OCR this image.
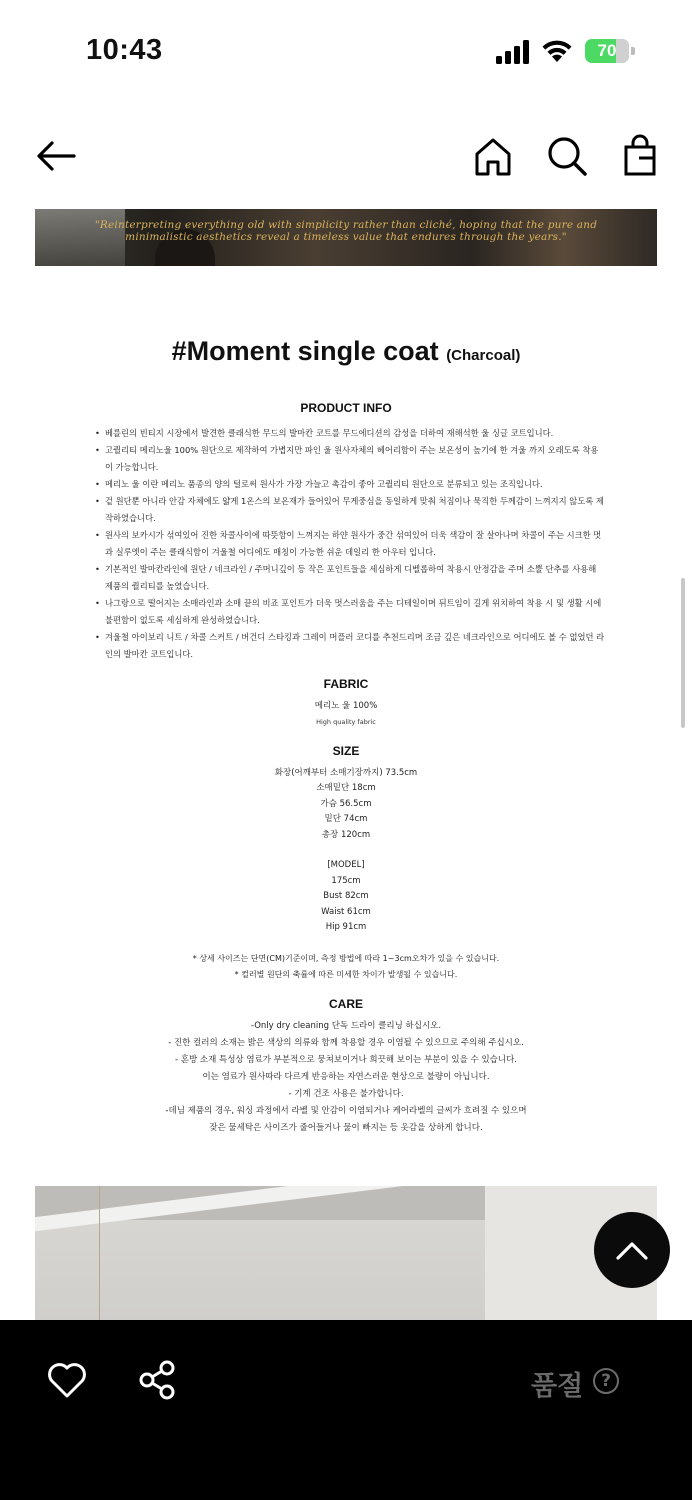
10:43	70
"Reinterpreting everything old with simplicity rather than cliché, hoping that the pure and
minimalistic aesthetics reveal a timeless value that endures through the years."
#Moment single coat (Charcoal)
PRODUCT INFO
• 베를린의 빈티지 시장에서 발견한 클래식한 무드의 발마칸 코트를 무드에디션의 감성을 더하여 재해석한 울 싱글 코트입니다.
• 고퀄리티 메리노울 100% 원단으로 제작하여 가볍지만 파인 울 원사자체의 헤어리함이 주는 보온성이 높기에 한 겨울 까지 오래도록 착용이 가능합니다.
• 메리노 울 이란 메리노 품종의 양의 털로써 원사가 가장 가늘고 촉감이 좋아 고퀄리티 원단으로 분류되고 있는 조직입니다.
• 겉 원단뿐 아니라 안감 자체에도 얇게 1온스의 보온재가 들어있어 무게중심을 동일하게 맞춰 처짐이나 묵직한 두께감이 느껴지지 않도록 제작하였습니다.
• 원사의 보카시가 섞여있어 진한 차콜사이에 따뜻함이 느껴지는 하얀 원사가 중간 섞여있어 더욱 색감이 잘 살아나며 차콜이 주는 시크한 멋과 실루엣이 주는 클래식함이 겨울철 어디에도 매칭이 가능한 쉬운 데일리 한 아우터 입니다.
• 기본적인 발마칸라인에 원단 / 네크라인 / 주머니깊이 등 작은 포인트들을 세심하게 디벨롭하여 착용시 안정감을 주며 소뿔 단추를 사용해 제품의 퀄리티를 높였습니다.
• 나그랑으로 떨어지는 소매라인과 소매 끝의 비죠 포인트가 더욱 멋스러움을 주는 디테일이며 뒤트임이 길게 위치하여 착용 시 및 생활 시에 불편함이 없도록 세심하게 완성하였습니다.
• 겨울철 아이보리 니트 / 차콜 스커트 / 버건디 스타킹과 그레이 머플러 코디를 추천드리며 조금 깊은 네크라인으로 어디에도 볼 수 없었던 라인의 발마칸 코트입니다.
FABRIC
메리노 울 100%
High quality fabric
SIZE
화장(어깨부터 소매기장까지) 73.5cm
소매밑단 18cm
가슴 56.5cm
밑단 74cm
총장 120cm
[MODEL]
175cm
Bust 82cm
Waist 61cm
Hip 91cm
* 상세 사이즈는 단면(CM)기준이며, 측정 방법에 따라 1~3cm오차가 있을 수 있습니다.
* 컬러별 원단의 축률에 따른 미세한 차이가 발생될 수 있습니다.
CARE
-Only dry cleaning 단독 드라이 클리닝 하십시오.
- 진한 컬러의 소재는 밝은 색상의 의류와 함께 착용할 경우 이염될 수 있으므로 주의해 주십시오.
- 혼방 소재 특성상 염료가 부분적으로 뭉쳐보이거나 희끗해 보이는 부분이 있을 수 있습니다.
이는 염료가 원사따라 다르게 반응하는 자연스러운 현상으로 불량이 아닙니다.
- 기계 건조 사용은 불가합니다.
-데님 제품의 경우, 워싱 과정에서 라벨 및 안감이 이염되거나 케어라벨의 글씨가 흐려질 수 있으며
잦은 물세탁은 사이즈가 줄어들거나 물이 빠지는 등 옷감을 상하게 합니다.
품절	?
